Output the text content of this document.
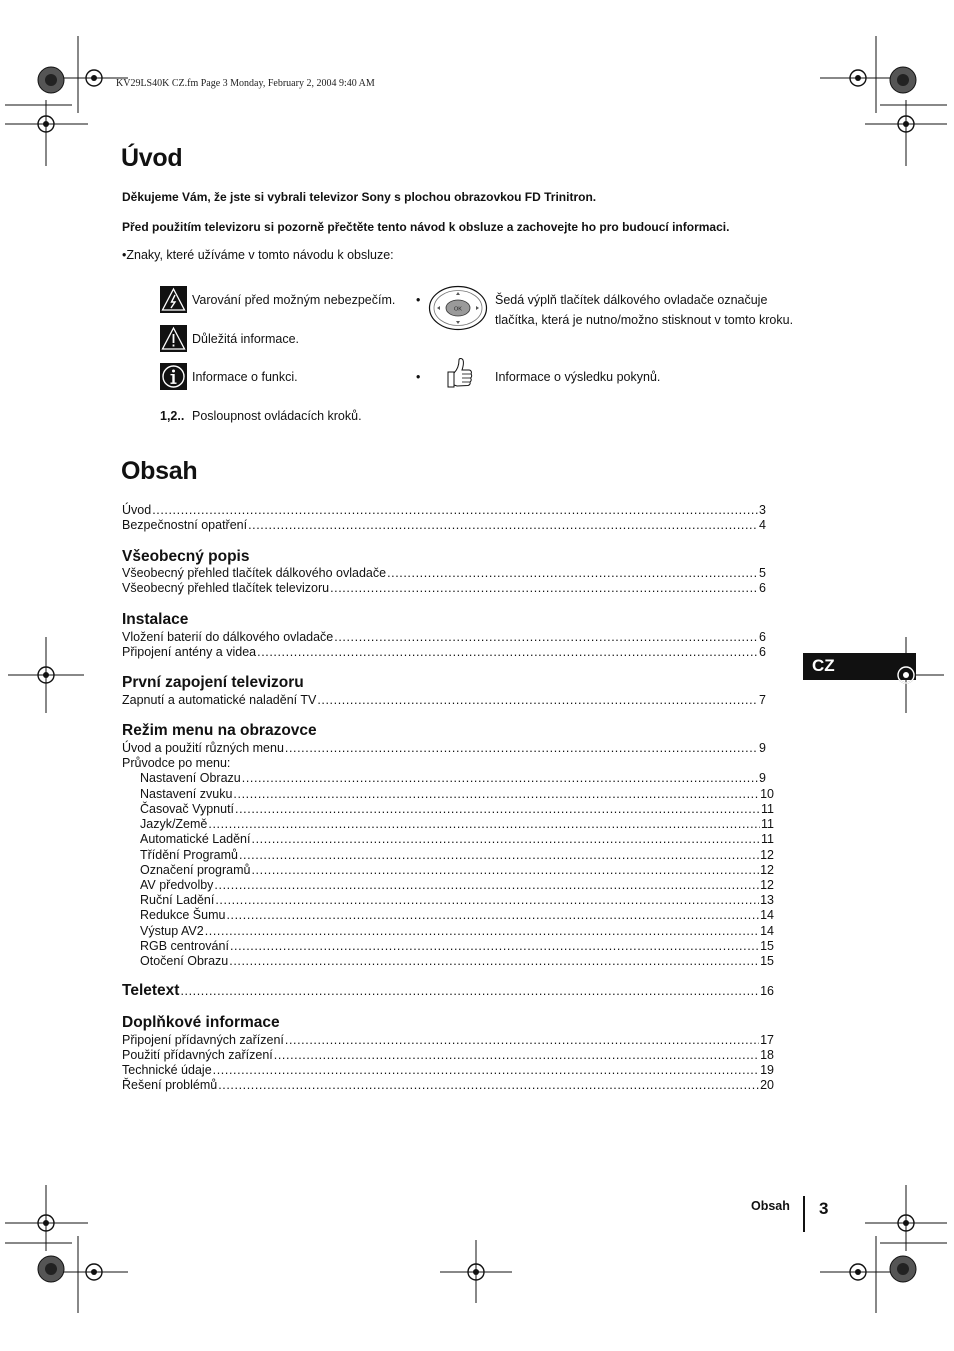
KV29LS40K CZ.fm Page 3 Monday, February 2, 2004 9:40 AM
Úvod
Děkujeme Vám, že jste si vybrali televizor Sony s plochou obrazovkou FD Trinitron.
Před použitím televizoru si pozorně přečtěte tento návod k obsluze a zachovejte ho pro budoucí informaci.
•Znaky, které užíváme v tomto návodu k obsluze:
Varování před možným nebezpečím. •
OK
Šedá výplň tlačítek dálkového ovladače označuje
tlačítka, která je nutno/možno stisknout v tomto kroku.
Důležitá informace.
Informace o funkci.	•	Informace o výsledku pokynů.
1,2.. Posloupnost ovládacích kroků.
Obsah
Úvod .....	3
Bezpečnostní opatření .....	4
Všeobecný popis
Všeobecný přehled tlačítek dálkového ovladače .....	5
Všeobecný přehled tlačítek televizoru .....	6
Instalace
Vložení baterií do dálkového ovladače .....	6
Připojení antény a videa .....	6
První zapojení televizoru
Zapnutí a automatické naladění TV .....	7
Režim menu na obrazovce
Úvod a použití různých menu .....	9
Průvodce po menu:
Nastavení Obrazu .....	9
Nastavení zvuku .....	10
Časovač Vypnutí .....	11
Jazyk/Země .....	11
Automatické Ladění .....	11
Třídění Programů .....	12
Označení programů .....	12
AV předvolby .....	12
Ruční Ladění .....	13
Redukce Šumu .....	14
Výstup AV2 .....	14
RGB centrování .....	15
Otočení Obrazu .....	15
Teletext .....	16
Doplňkové informace
Připojení přídavných zařízení .....	17
Použití přídavných zařízení .....	18
Technické údaje .....	19
Řešení problémů .....	20
CZ
Obsah 3
